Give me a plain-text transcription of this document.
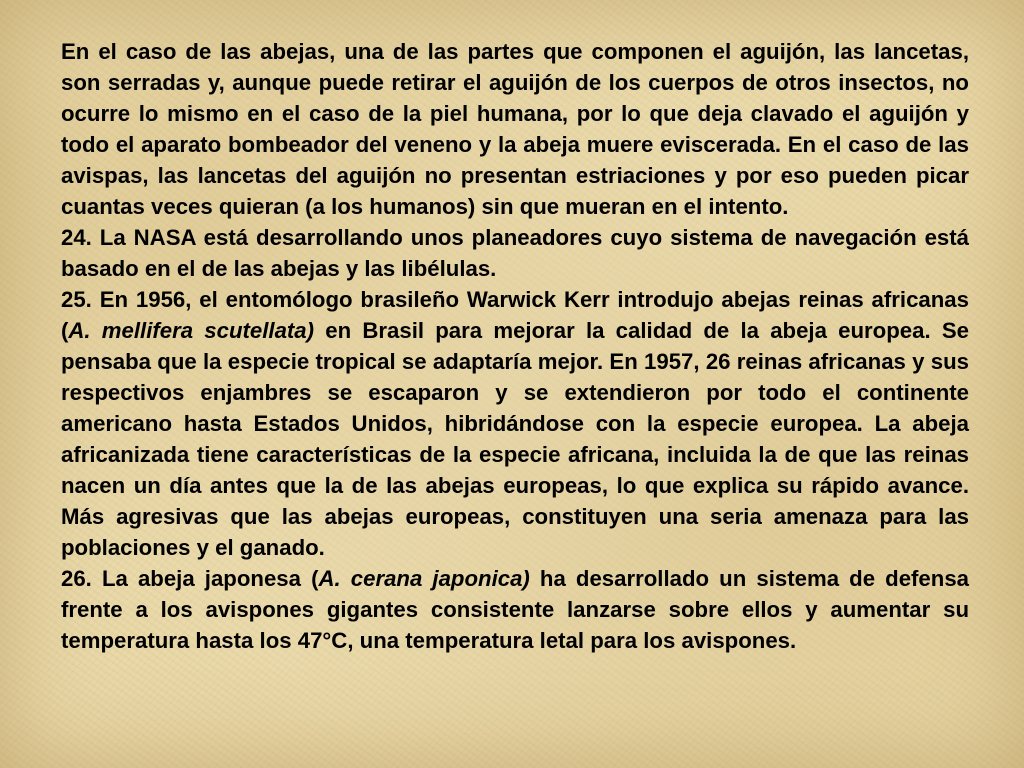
En el caso de las abejas, una de las partes que componen el aguijón, las lancetas, son serradas y, aunque puede retirar el aguijón de los cuerpos de otros insectos, no ocurre lo mismo en el caso de la piel humana, por lo que deja clavado el aguijón y todo el aparato bombeador del veneno y la abeja muere eviscerada. En el caso de las avispas, las lancetas del aguijón no presentan estriaciones y por eso pueden picar cuantas veces quieran (a los humanos) sin que mueran en el intento.

24. La NASA está desarrollando unos planeadores cuyo sistema de navegación está basado en el de las abejas y las libélulas.

25. En 1956, el entomólogo brasileño Warwick Kerr introdujo abejas reinas africanas (A. mellifera scutellata) en Brasil para mejorar la calidad de la abeja europea. Se pensaba que la especie tropical se adaptaría mejor. En 1957, 26 reinas africanas y sus respectivos enjambres se escaparon y se extendieron por todo el continente americano hasta Estados Unidos, hibridándose con la especie europea. La abeja africanizada tiene características de la especie africana, incluida la de que las reinas nacen un día antes que la de las abejas europeas, lo que explica su rápido avance. Más agresivas que las abejas europeas, constituyen una seria amenaza para las poblaciones y el ganado.

26. La abeja japonesa (A. cerana japonica) ha desarrollado un sistema de defensa frente a los avispones gigantes consistente lanzarse sobre ellos y aumentar su temperatura hasta los 47°C, una temperatura letal para los avispones.
